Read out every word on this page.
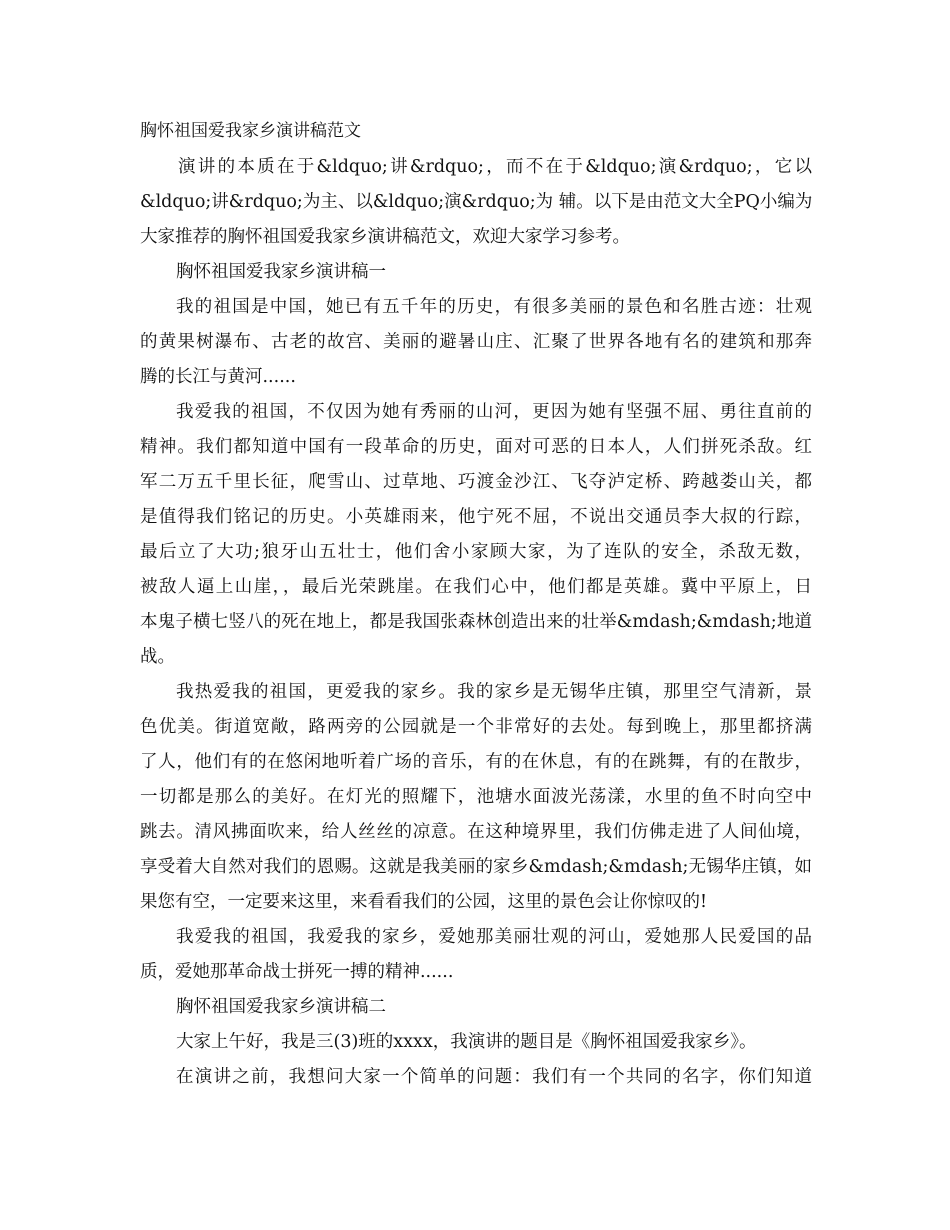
胸怀祖国爱我家乡演讲稿范文
演讲的本质在于&ldquo;讲&rdquo;，而不在于&ldquo;演&rdquo;，它以
&ldquo;讲&rdquo;为主、以&ldquo;演&rdquo;为 辅。以下是由范文大全PQ小编为
大家推荐的胸怀祖国爱我家乡演讲稿范文，欢迎大家学习参考。
胸怀祖国爱我家乡演讲稿一
我的祖国是中国，她已有五千年的历史，有很多美丽的景色和名胜古迹：壮观
的黄果树瀑布、古老的故宫、美丽的避暑山庄、汇聚了世界各地有名的建筑和那奔
腾的长江与黄河......
我爱我的祖国，不仅因为她有秀丽的山河，更因为她有坚强不屈、勇往直前的
精神。我们都知道中国有一段革命的历史，面对可恶的日本人，人们拼死杀敌。红
军二万五千里长征，爬雪山、过草地、巧渡金沙江、飞夺泸定桥、跨越娄山关，都
是值得我们铭记的历史。小英雄雨来，他宁死不屈，不说出交通员李大叔的行踪，
最后立了大功;狼牙山五壮士，他们舍小家顾大家，为了连队的安全，杀敌无数，
被敌人逼上山崖，，最后光荣跳崖。在我们心中，他们都是英雄。冀中平原上，日
本鬼子横七竖八的死在地上，都是我国张森林创造出来的壮举&mdash;&mdash;地道
战。
我热爱我的祖国，更爱我的家乡。我的家乡是无锡华庄镇，那里空气清新，景
色优美。街道宽敞，路两旁的公园就是一个非常好的去处。每到晚上，那里都挤满
了人，他们有的在悠闲地听着广场的音乐，有的在休息，有的在跳舞，有的在散步，
一切都是那么的美好。在灯光的照耀下，池塘水面波光荡漾，水里的鱼不时向空中
跳去。清风拂面吹来，给人丝丝的凉意。在这种境界里，我们仿佛走进了人间仙境，
享受着大自然对我们的恩赐。这就是我美丽的家乡&mdash;&mdash;无锡华庄镇，如
果您有空，一定要来这里，来看看我们的公园，这里的景色会让你惊叹的!
我爱我的祖国，我爱我的家乡，爱她那美丽壮观的河山，爱她那人民爱国的品
质，爱她那革命战士拼死一搏的精神......
胸怀祖国爱我家乡演讲稿二
大家上午好，我是三(3)班的xxxx，我演讲的题目是《胸怀祖国爱我家乡》。
在演讲之前，我想问大家一个简单的问题：我们有一个共同的名字，你们知道
